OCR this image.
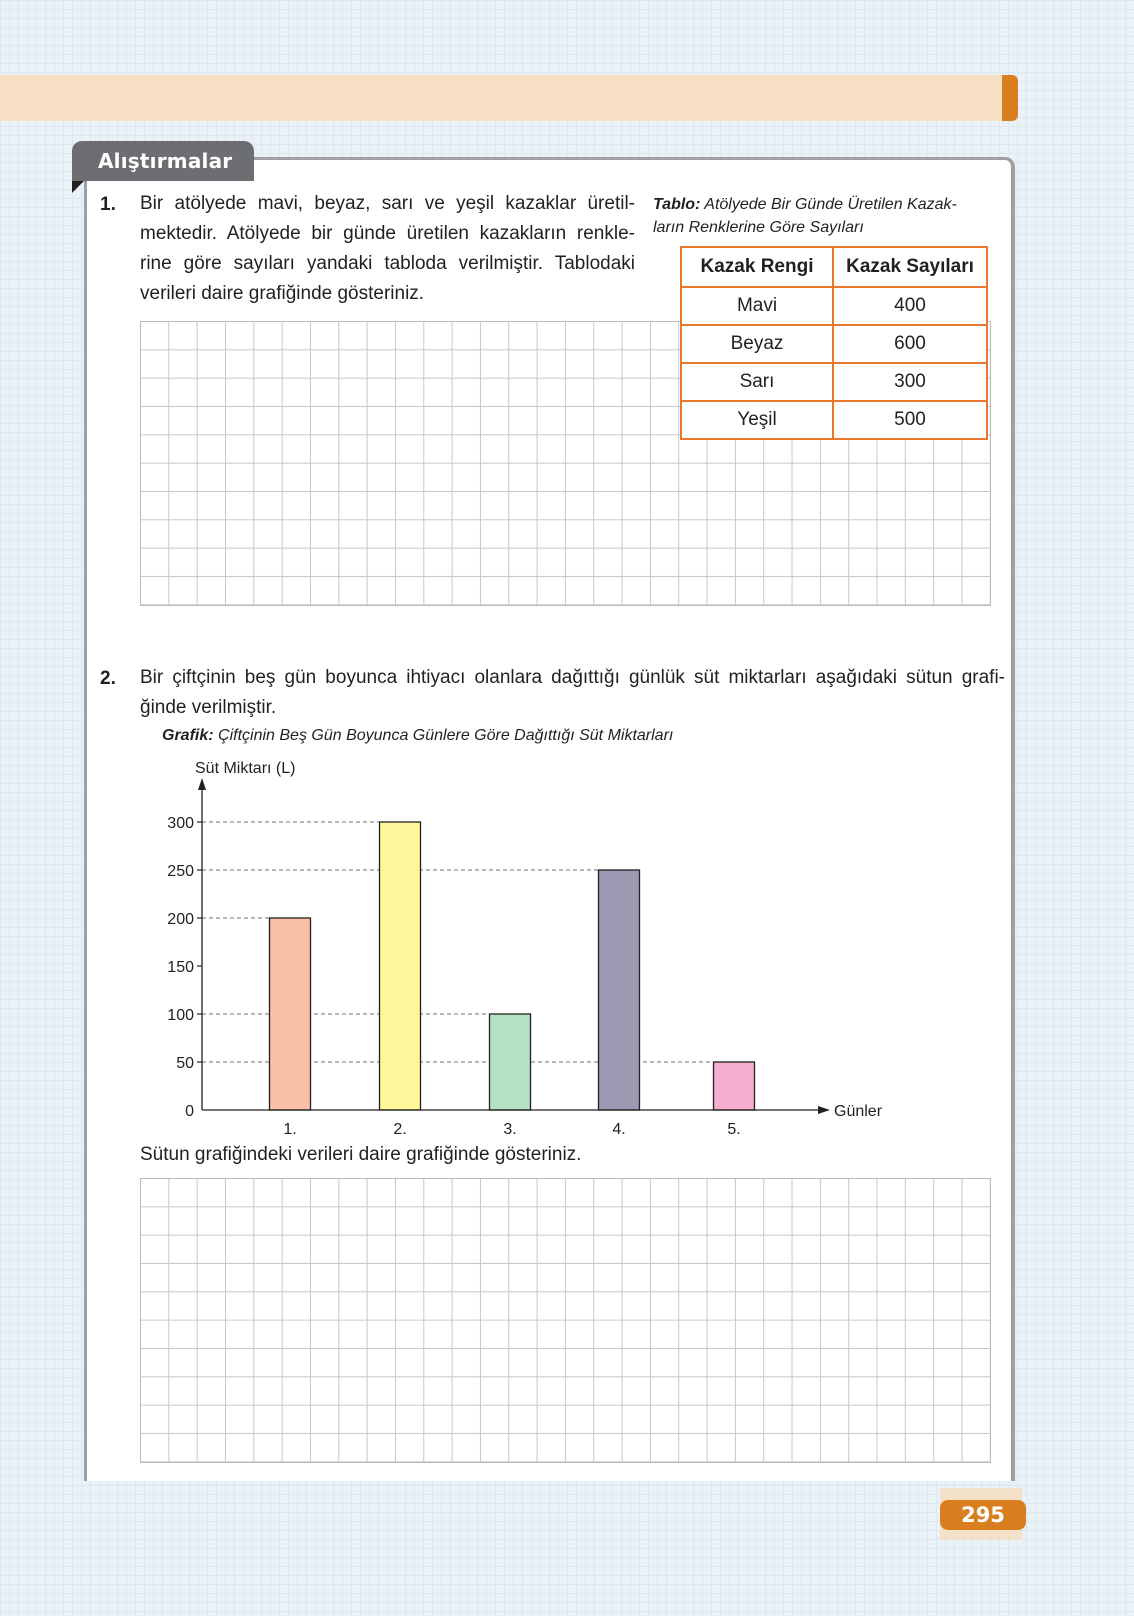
Alıştırmalar
1. Bir atölyede mavi, beyaz, sarı ve yeşil kazaklar üretil-
mektedir. Atölyede bir günde üretilen kazakların renkle-
rine göre sayıları yandaki tabloda verilmiştir. Tablodaki
verileri daire grafiğinde gösteriniz.
Tablo: Atölyede Bir Günde Üretilen Kazak-
ların Renklerine Göre Sayıları
Kazak Rengi	Kazak Sayıları
Mavi	400
Beyaz	600
Sarı	300
Yeşil	500
2. Bir çiftçinin beş gün boyunca ihtiyacı olanlara dağıttığı günlük süt miktarları aşağıdaki sütun grafi-
ğinde verilmiştir.
Grafik: Çiftçinin Beş Gün Boyunca Günlere Göre Dağıttığı Süt Miktarları
0
50
100
150
200
250
300
1.	2.	3.	4.	5.
Süt Miktarı (L)
Günler
Sütun grafiğindeki verileri daire grafiğinde gösteriniz.
295
